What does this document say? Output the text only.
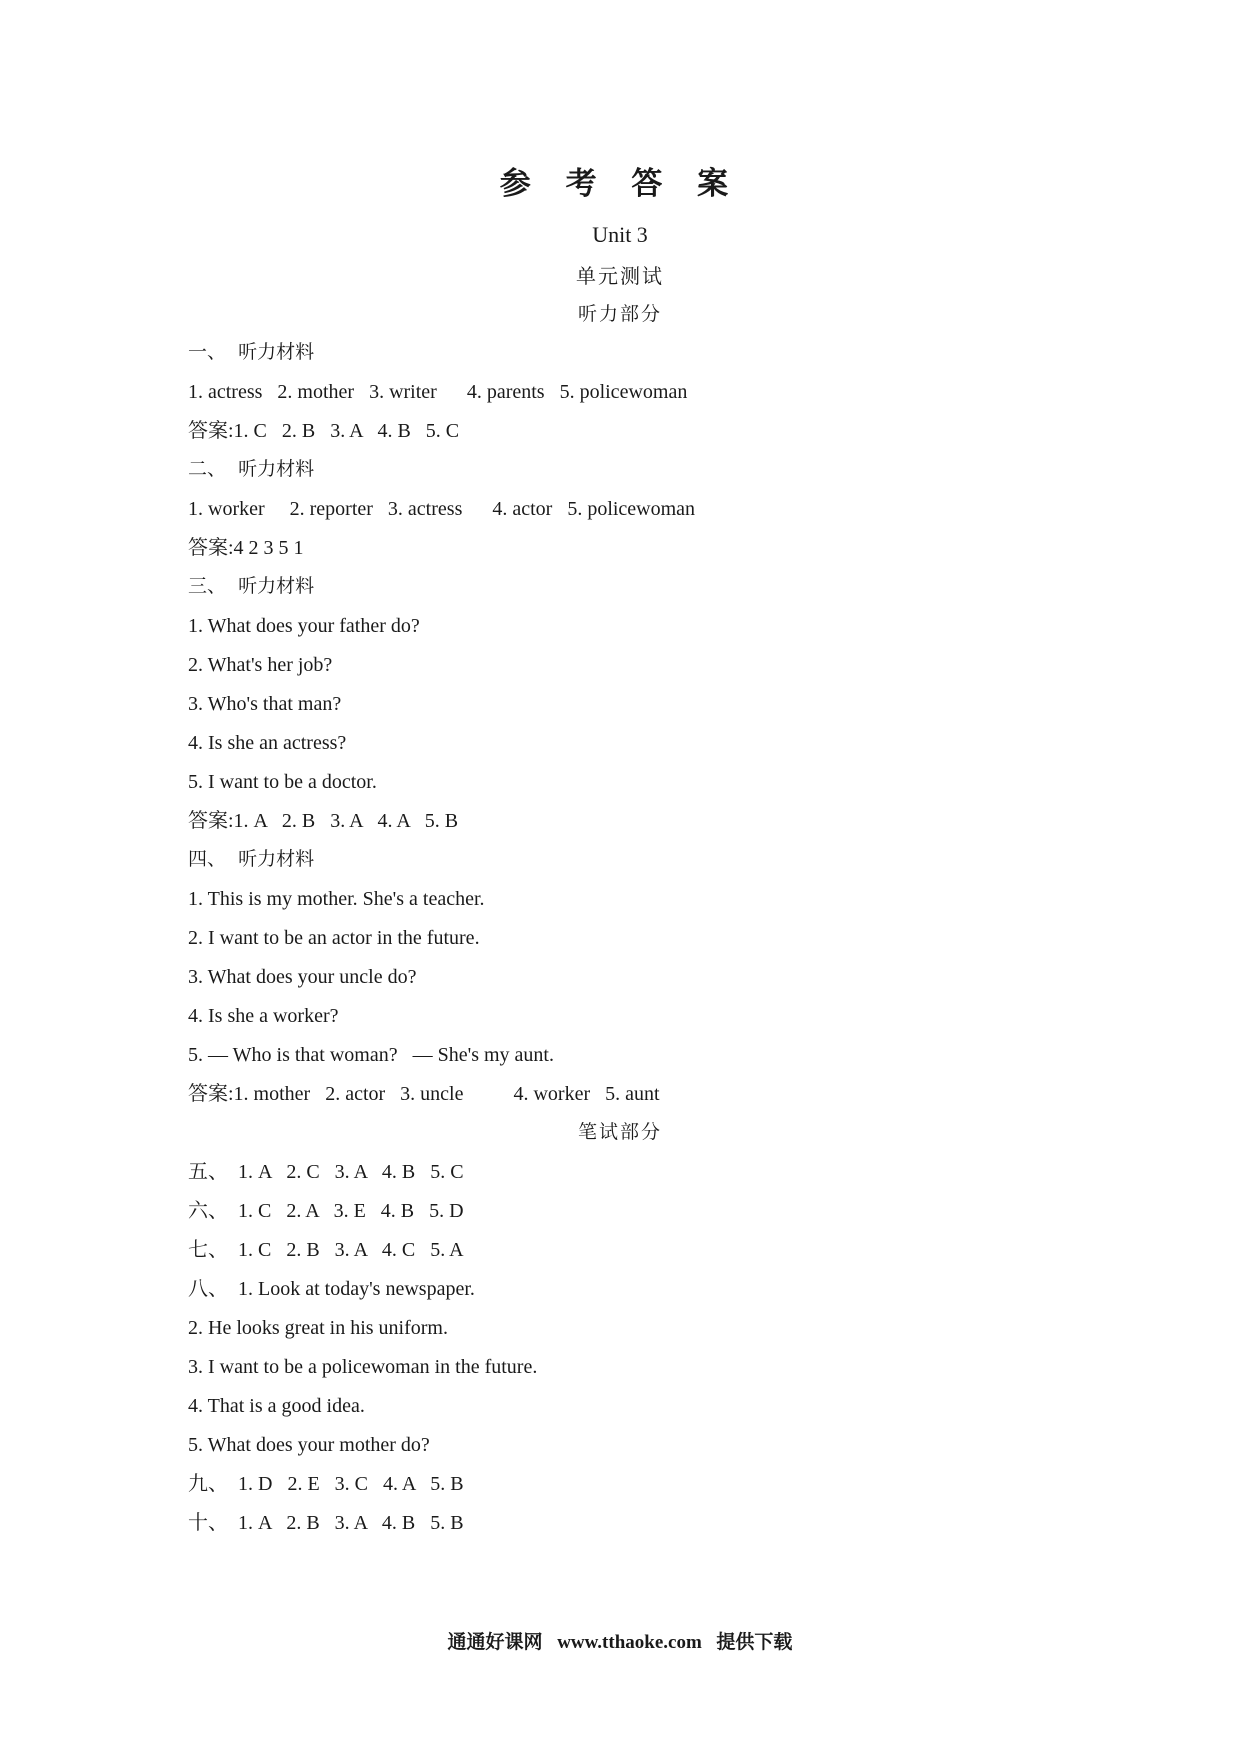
参 考 答 案
Unit 3
单元测试
听力部分
一、  听力材料
1. actress   2. mother   3. writer      4. parents   5. policewoman
答案:1. C   2. B   3. A   4. B   5. C
二、  听力材料
1. worker     2. reporter   3. actress      4. actor   5. policewoman
答案:4 2 3 5 1
三、  听力材料
1. What does your father do?
2. What's her job?
3. Who's that man?
4. Is she an actress?
5. I want to be a doctor.
答案:1. A   2. B   3. A   4. A   5. B
四、  听力材料
1. This is my mother. She's a teacher.
2. I want to be an actor in the future.
3. What does your uncle do?
4. Is she a worker?
5. — Who is that woman?   — She's my aunt.
答案:1. mother   2. actor   3. uncle          4. worker   5. aunt
笔试部分
五、  1. A   2. C   3. A   4. B   5. C
六、  1. C   2. A   3. E   4. B   5. D
七、  1. C   2. B   3. A   4. C   5. A
八、  1. Look at today's newspaper.
2. He looks great in his uniform.
3. I want to be a policewoman in the future.
4. That is a good idea.
5. What does your mother do?
九、  1. D   2. E   3. C   4. A   5. B
十、  1. A   2. B   3. A   4. B   5. B
通通好课网 www.tthaoke.com 提供下载
